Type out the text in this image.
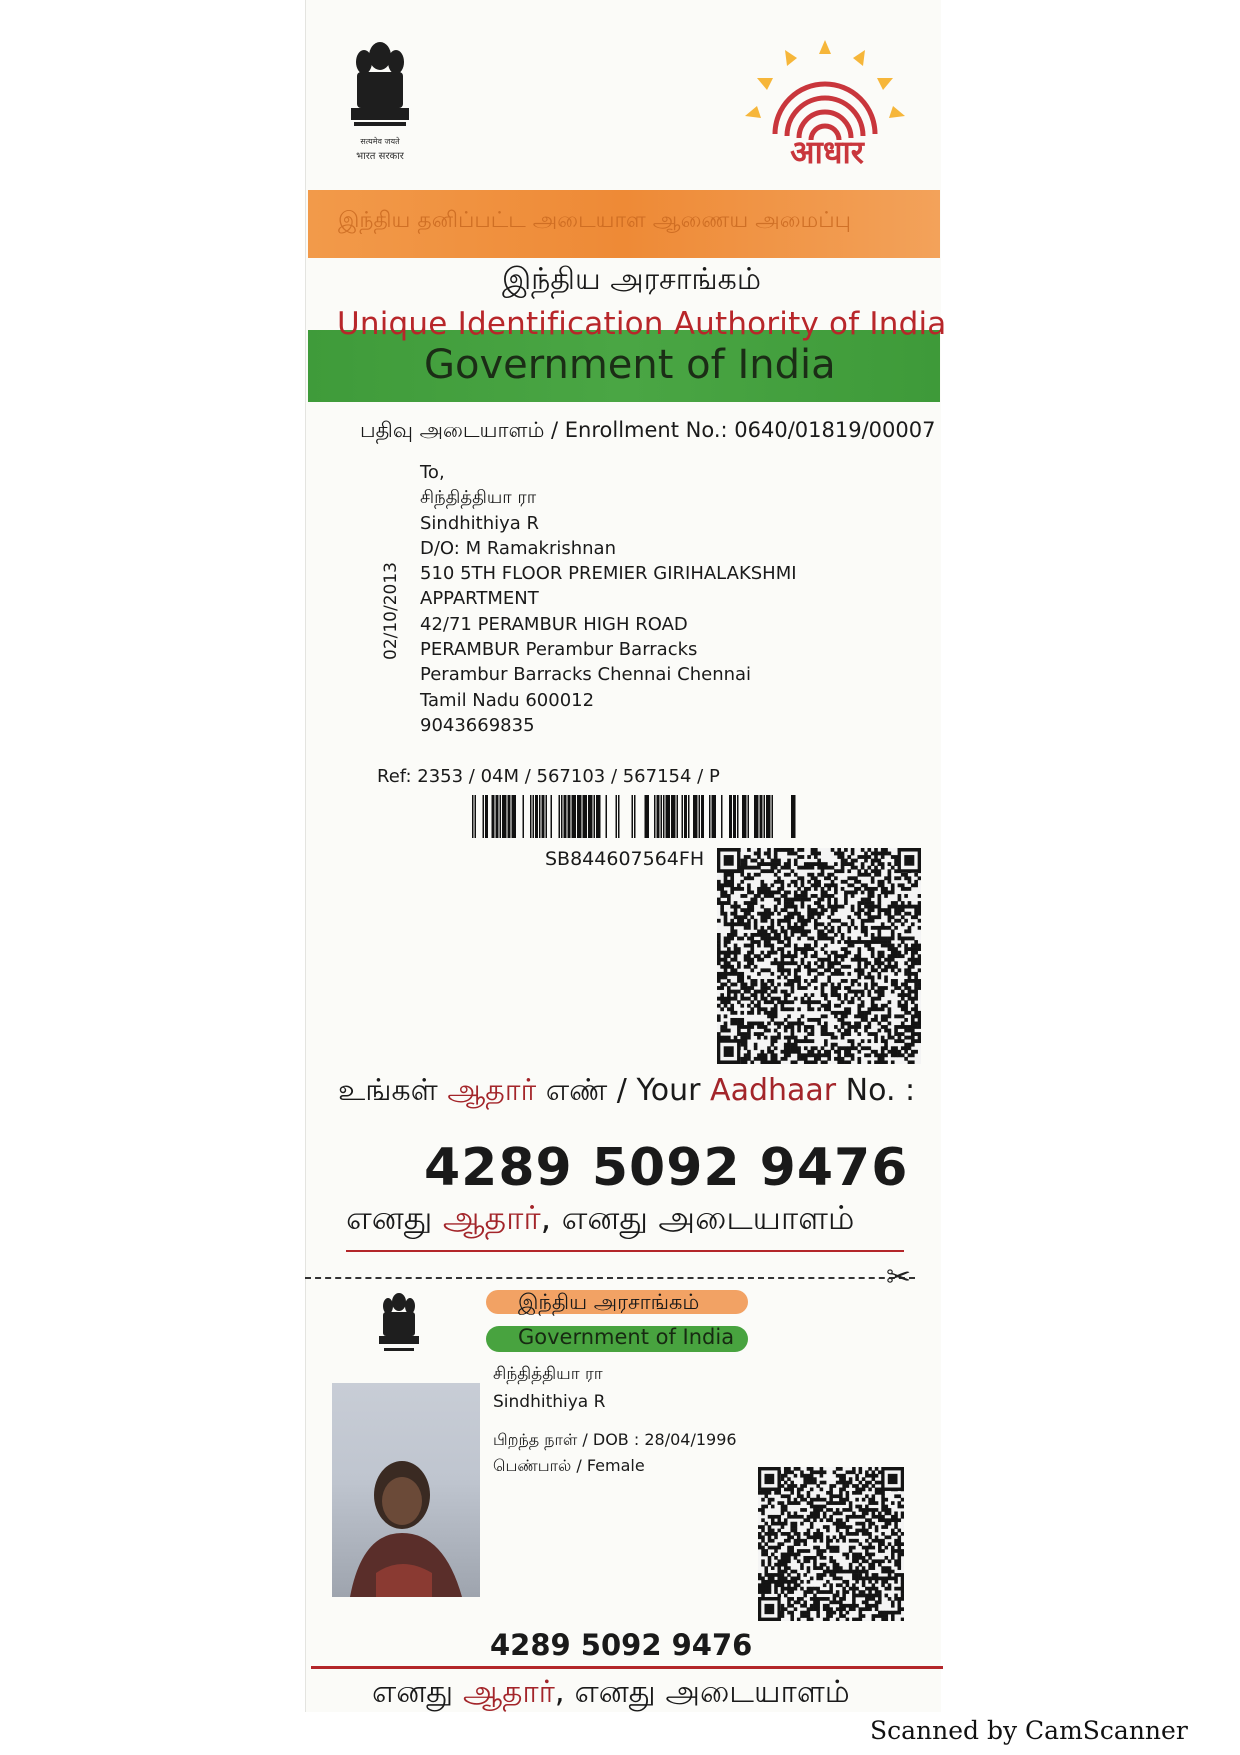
सत्यमेव जयते
भारत सरकार	आधार
இந்திய தனிப்பட்ட அடையாள ஆணைய அமைப்பு
இந்திய அரசாங்கம்
Government of India
Unique Identification Authority of India
பதிவு அடையாளம் / Enrollment No.: 0640/01819/00007
02/10/2013
To,
சிந்தித்தியா ரா
Sindhithiya R
D/O: M Ramakrishnan
510 5TH FLOOR PREMIER GIRIHALAKSHMI
APPARTMENT
42/71 PERAMBUR HIGH ROAD
PERAMBUR Perambur Barracks
Perambur Barracks Chennai Chennai
Tamil Nadu 600012
9043669835
Ref: 2353 / 04M / 567103 / 567154 / P
SB844607564FH
உங்கள் ஆதார் எண் / Your Aadhaar No. :
4289 5092 9476
எனது ஆதார், எனது அடையாளம்
✂
இந்திய அரசாங்கம்
Government of India
சிந்தித்தியா ரா
Sindhithiya R
பிறந்த நாள் / DOB : 28/04/1996
பெண்பால் / Female
4289 5092 9476
எனது ஆதார், எனது அடையாளம்
Scanned by CamScanner
